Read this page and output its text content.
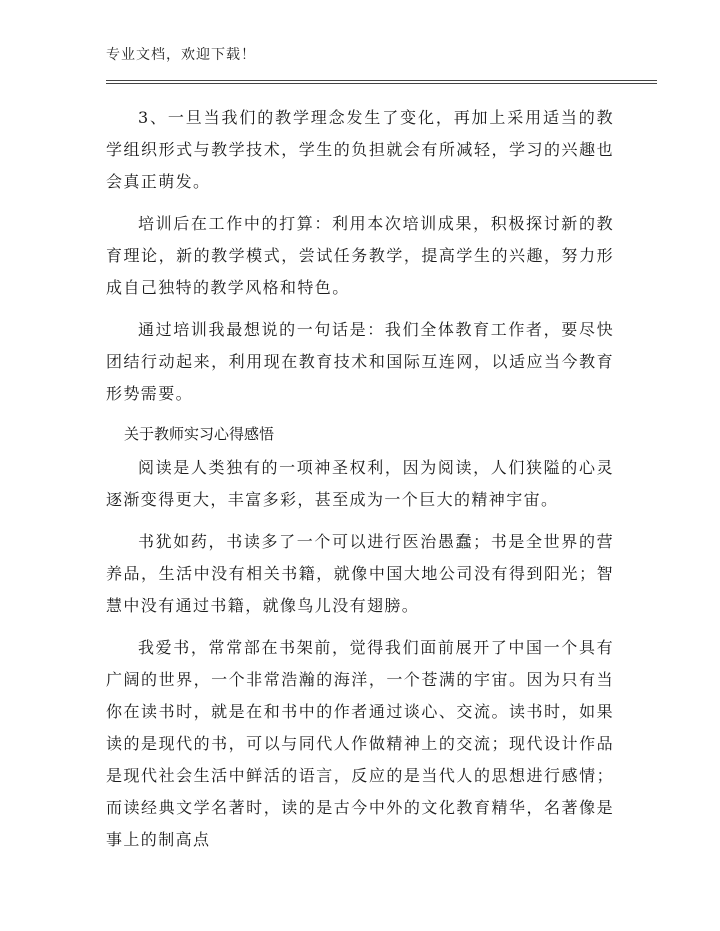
专业文档，欢迎下载！

3、一旦当我们的教学理念发生了变化，再加上采用适当的教学组织形式与教学技术，学生的负担就会有所减轻，学习的兴趣也会真正萌发。

培训后在工作中的打算：利用本次培训成果，积极探讨新的教育理论，新的教学模式，尝试任务教学，提高学生的兴趣，努力形成自己独特的教学风格和特色。

通过培训我最想说的一句话是：我们全体教育工作者，要尽快团结行动起来，利用现在教育技术和国际互连网，以适应当今教育形势需要。

关于教师实习心得感悟

阅读是人类独有的一项神圣权利，因为阅读，人们狭隘的心灵逐渐变得更大，丰富多彩，甚至成为一个巨大的精神宇宙。

书犹如药，书读多了一个可以进行医治愚蠢；书是全世界的营养品，生活中没有相关书籍，就像中国大地公司没有得到阳光；智慧中没有通过书籍，就像鸟儿没有翅膀。

我爱书，常常部在书架前，觉得我们面前展开了中国一个具有广阔的世界，一个非常浩瀚的海洋，一个苍满的宇宙。因为只有当你在读书时，就是在和书中的作者通过谈心、交流。读书时，如果读的是现代的书，可以与同代人作做精神上的交流；现代设计作品是现代社会生活中鲜活的语言，反应的是当代人的思想进行感情；而读经典文学名著时，读的是古今中外的文化教育精华，名著像是事上的制高点
